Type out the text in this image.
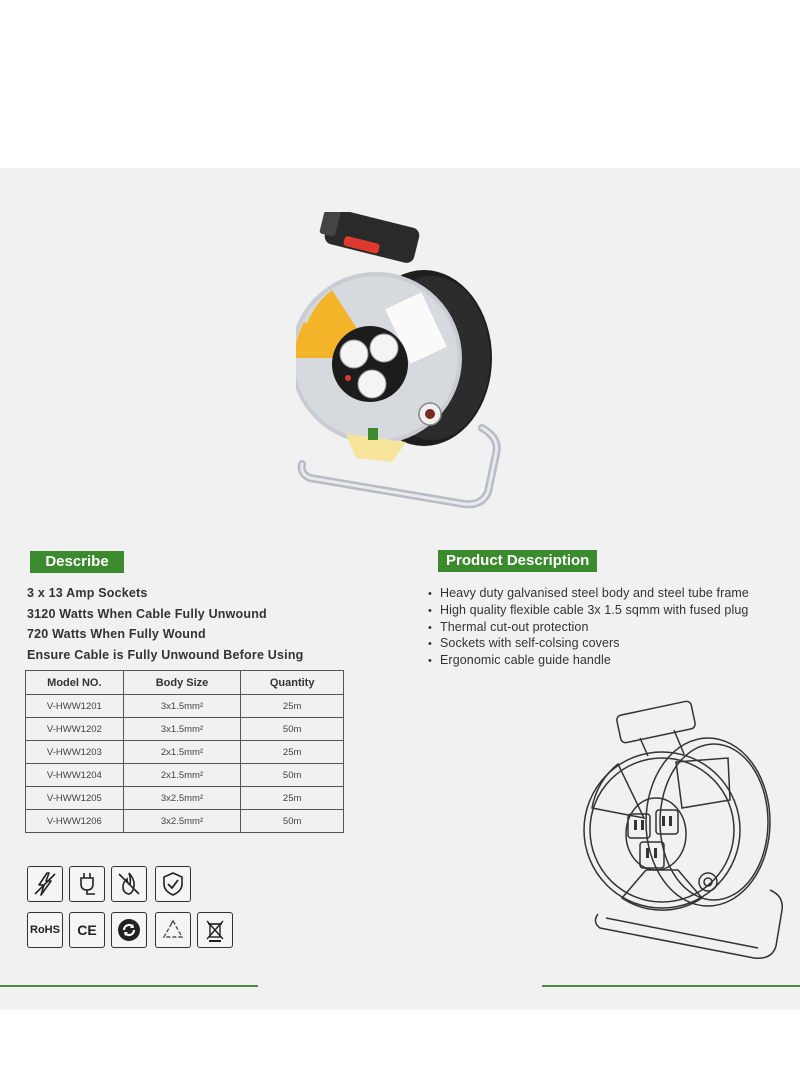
Describe
3 x 13 Amp Sockets
3120 Watts When Cable Fully Unwound
720 Watts When Fully Wound
Ensure Cable is Fully Unwound Before Using
Model NO.	Body Size	Quantity
V-HWW1201	3x1.5mm²	25m
V-HWW1202	3x1.5mm²	50m
V-HWW1203	2x1.5mm²	25m
V-HWW1204	2x1.5mm²	50m
V-HWW1205	3x2.5mm²	25m
V-HWW1206	3x2.5mm²	50m
Product Description
• Heavy duty galvanised steel body and steel tube frame
• High quality flexible cable 3x 1.5 sqmm with fused plug
• Thermal cut-out protection
• Sockets with self-colsing covers
• Ergonomic cable guide handle
RoHS CE
